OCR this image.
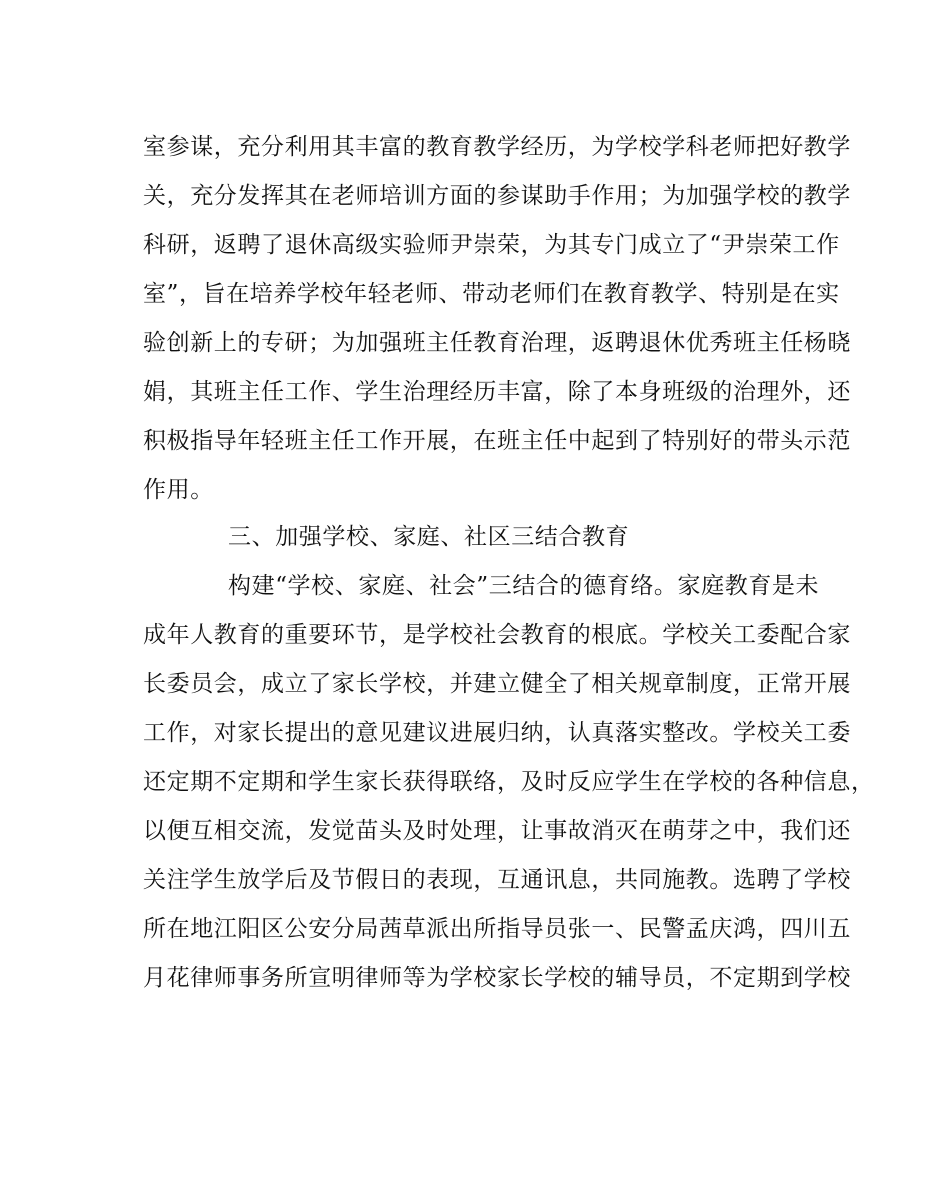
室参谋，充分利用其丰富的教育教学经历，为学校学科老师把好教学
关，充分发挥其在老师培训方面的参谋助手作用；为加强学校的教学
科研，返聘了退休高级实验师尹崇荣，为其专门成立了“尹崇荣工作
室”，旨在培养学校年轻老师、带动老师们在教育教学、特别是在实
验创新上的专研；为加强班主任教育治理，返聘退休优秀班主任杨晓
娟，其班主任工作、学生治理经历丰富，除了本身班级的治理外，还
积极指导年轻班主任工作开展，在班主任中起到了特别好的带头示范
作用。
三、加强学校、家庭、社区三结合教育
构建“学校、家庭、社会”三结合的德育络。家庭教育是未
成年人教育的重要环节，是学校社会教育的根底。学校关工委配合家
长委员会，成立了家长学校，并建立健全了相关规章制度，正常开展
工作，对家长提出的意见建议进展归纳，认真落实整改。学校关工委
还定期不定期和学生家长获得联络，及时反应学生在学校的各种信息，
以便互相交流，发觉苗头及时处理，让事故消灭在萌芽之中，我们还
关注学生放学后及节假日的表现，互通讯息，共同施教。选聘了学校
所在地江阳区公安分局茜草派出所指导员张一、民警孟庆鸿，四川五
月花律师事务所宣明律师等为学校家长学校的辅导员，不定期到学校
